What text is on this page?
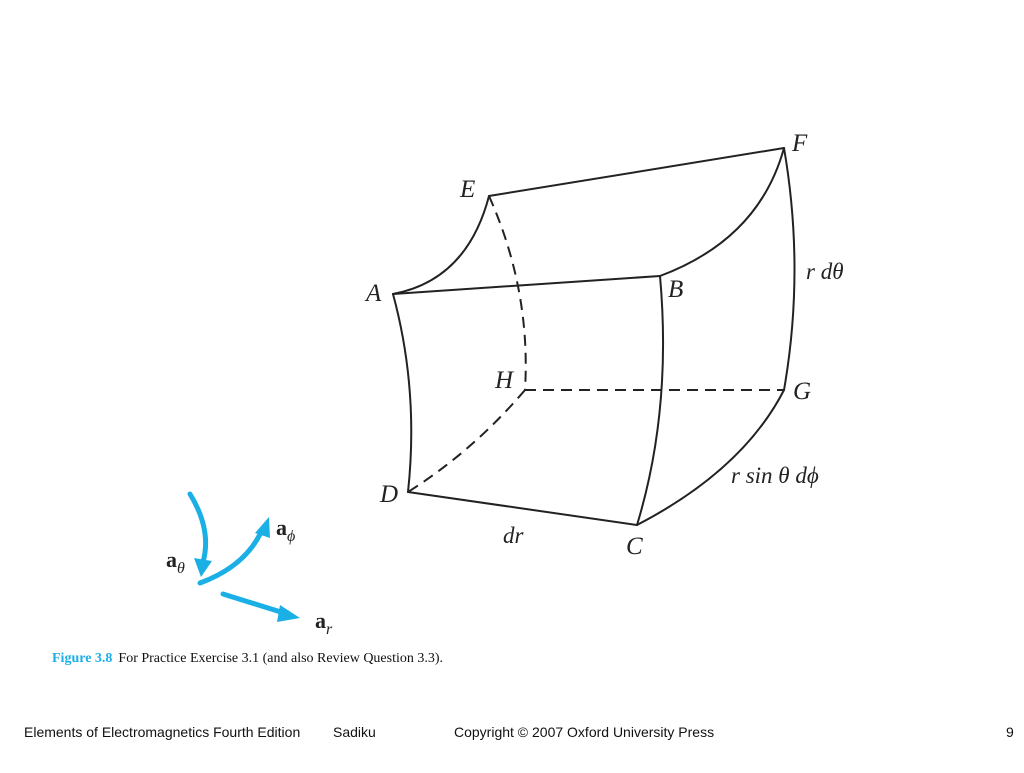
E
F
A	B
H	G
D
C
r dθ
r sin θ dϕ
dr
aθ
aϕ
ar
Figure 3.8 For Practice Exercise 3.1 (and also Review Question 3.3).
Elements of Electromagnetics Fourth Edition Sadiku	Copyright © 2007 Oxford University Press	9
